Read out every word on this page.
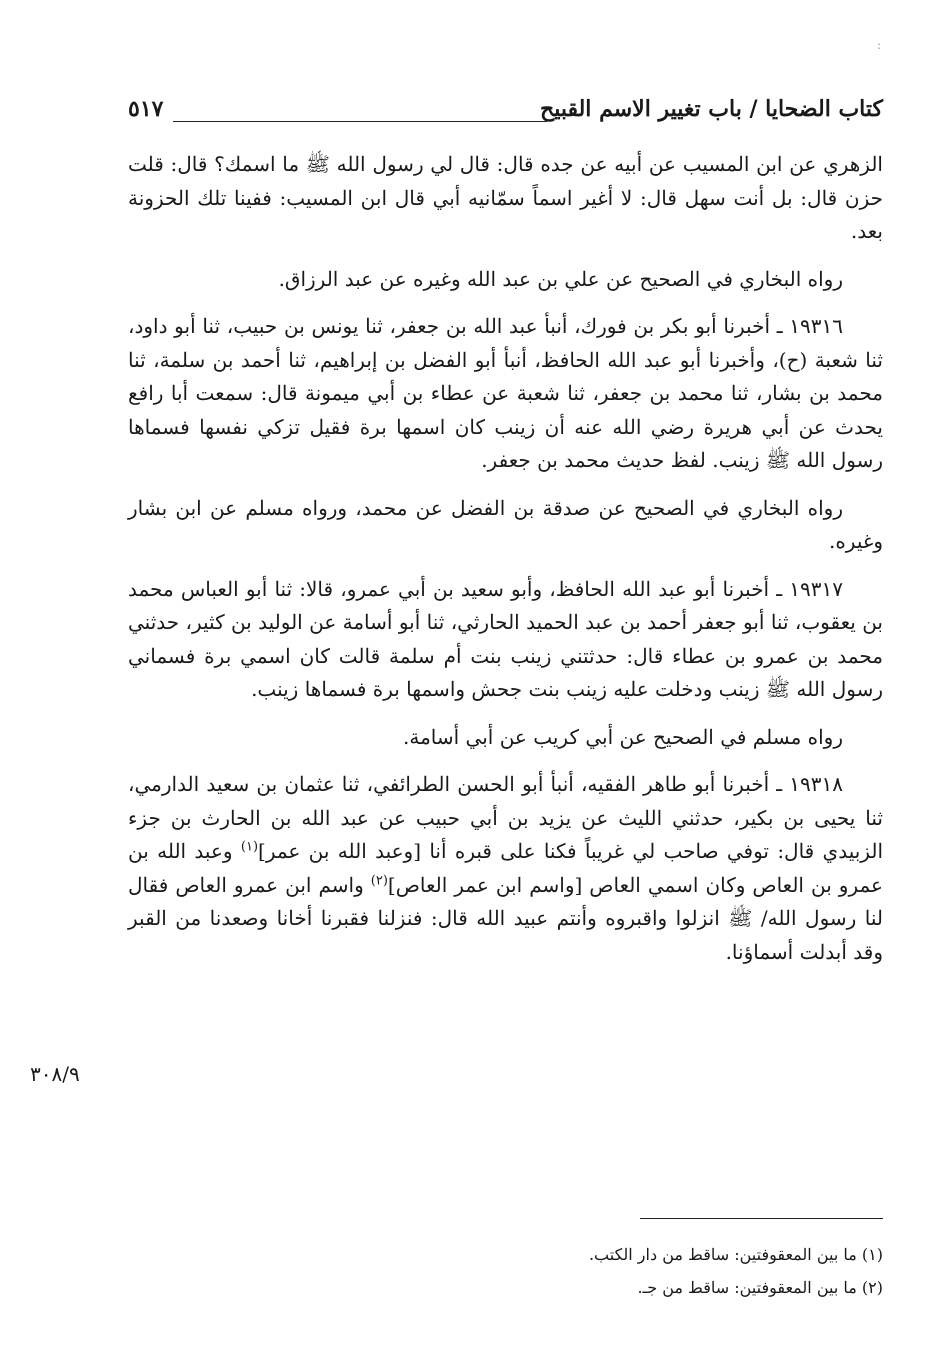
:
كتاب الضحايا / باب تغيير الاسم القبيح
٥١٧

الزهري عن ابن المسيب عن أبيه عن جده قال: قال لي رسول الله ﷺ ما اسمك؟ قال: قلت حزن قال: بل أنت سهل قال: لا أغير اسماً سمّانيه أبي قال ابن المسيب: ففينا تلك الحزونة بعد.

رواه البخاري في الصحيح عن علي بن عبد الله وغيره عن عبد الرزاق.

١٩٣١٦ ـ أخبرنا أبو بكر بن فورك، أنبأ عبد الله بن جعفر، ثنا يونس بن حبيب، ثنا أبو داود، ثنا شعبة (ح)، وأخبرنا أبو عبد الله الحافظ، أنبأ أبو الفضل بن إبراهيم، ثنا أحمد بن سلمة، ثنا محمد بن بشار، ثنا محمد بن جعفر، ثنا شعبة عن عطاء بن أبي ميمونة قال: سمعت أبا رافع يحدث عن أبي هريرة رضي الله عنه أن زينب كان اسمها برة فقيل تزكي نفسها فسماها رسول الله ﷺ زينب. لفظ حديث محمد بن جعفر.

رواه البخاري في الصحيح عن صدقة بن الفضل عن محمد، ورواه مسلم عن ابن بشار وغيره.

١٩٣١٧ ـ أخبرنا أبو عبد الله الحافظ، وأبو سعيد بن أبي عمرو، قالا: ثنا أبو العباس محمد بن يعقوب، ثنا أبو جعفر أحمد بن عبد الحميد الحارثي، ثنا أبو أسامة عن الوليد بن كثير، حدثني محمد بن عمرو بن عطاء قال: حدثتني زينب بنت أم سلمة قالت كان اسمي برة فسماني رسول الله ﷺ زينب ودخلت عليه زينب بنت جحش واسمها برة فسماها زينب.

رواه مسلم في الصحيح عن أبي كريب عن أبي أسامة.

١٩٣١٨ ـ أخبرنا أبو طاهر الفقيه، أنبأ أبو الحسن الطرائفي، ثنا عثمان بن سعيد الدارمي، ثنا يحيى بن بكير، حدثني الليث عن يزيد بن أبي حبيب عن عبد الله بن الحارث بن جزء الزبيدي قال: توفي صاحب لي غريباً فكنا على قبره أنا [وعبد الله بن عمر]$^{(١)}$ وعبد الله بن عمرو بن العاص وكان اسمي العاص [واسم ابن عمر العاص]$^{(٢)}$ واسم ابن عمرو العاص فقال لنا رسول الله/ ﷺ انزلوا واقبروه وأنتم عبيد الله قال: فنزلنا فقبرنا أخانا وصعدنا من القبر وقد أبدلت أسماؤنا.

٣٠٨/٩

(١) ما بين المعقوفتين: ساقط من دار الكتب.

(٢) ما بين المعقوفتين: ساقط من جـ.
